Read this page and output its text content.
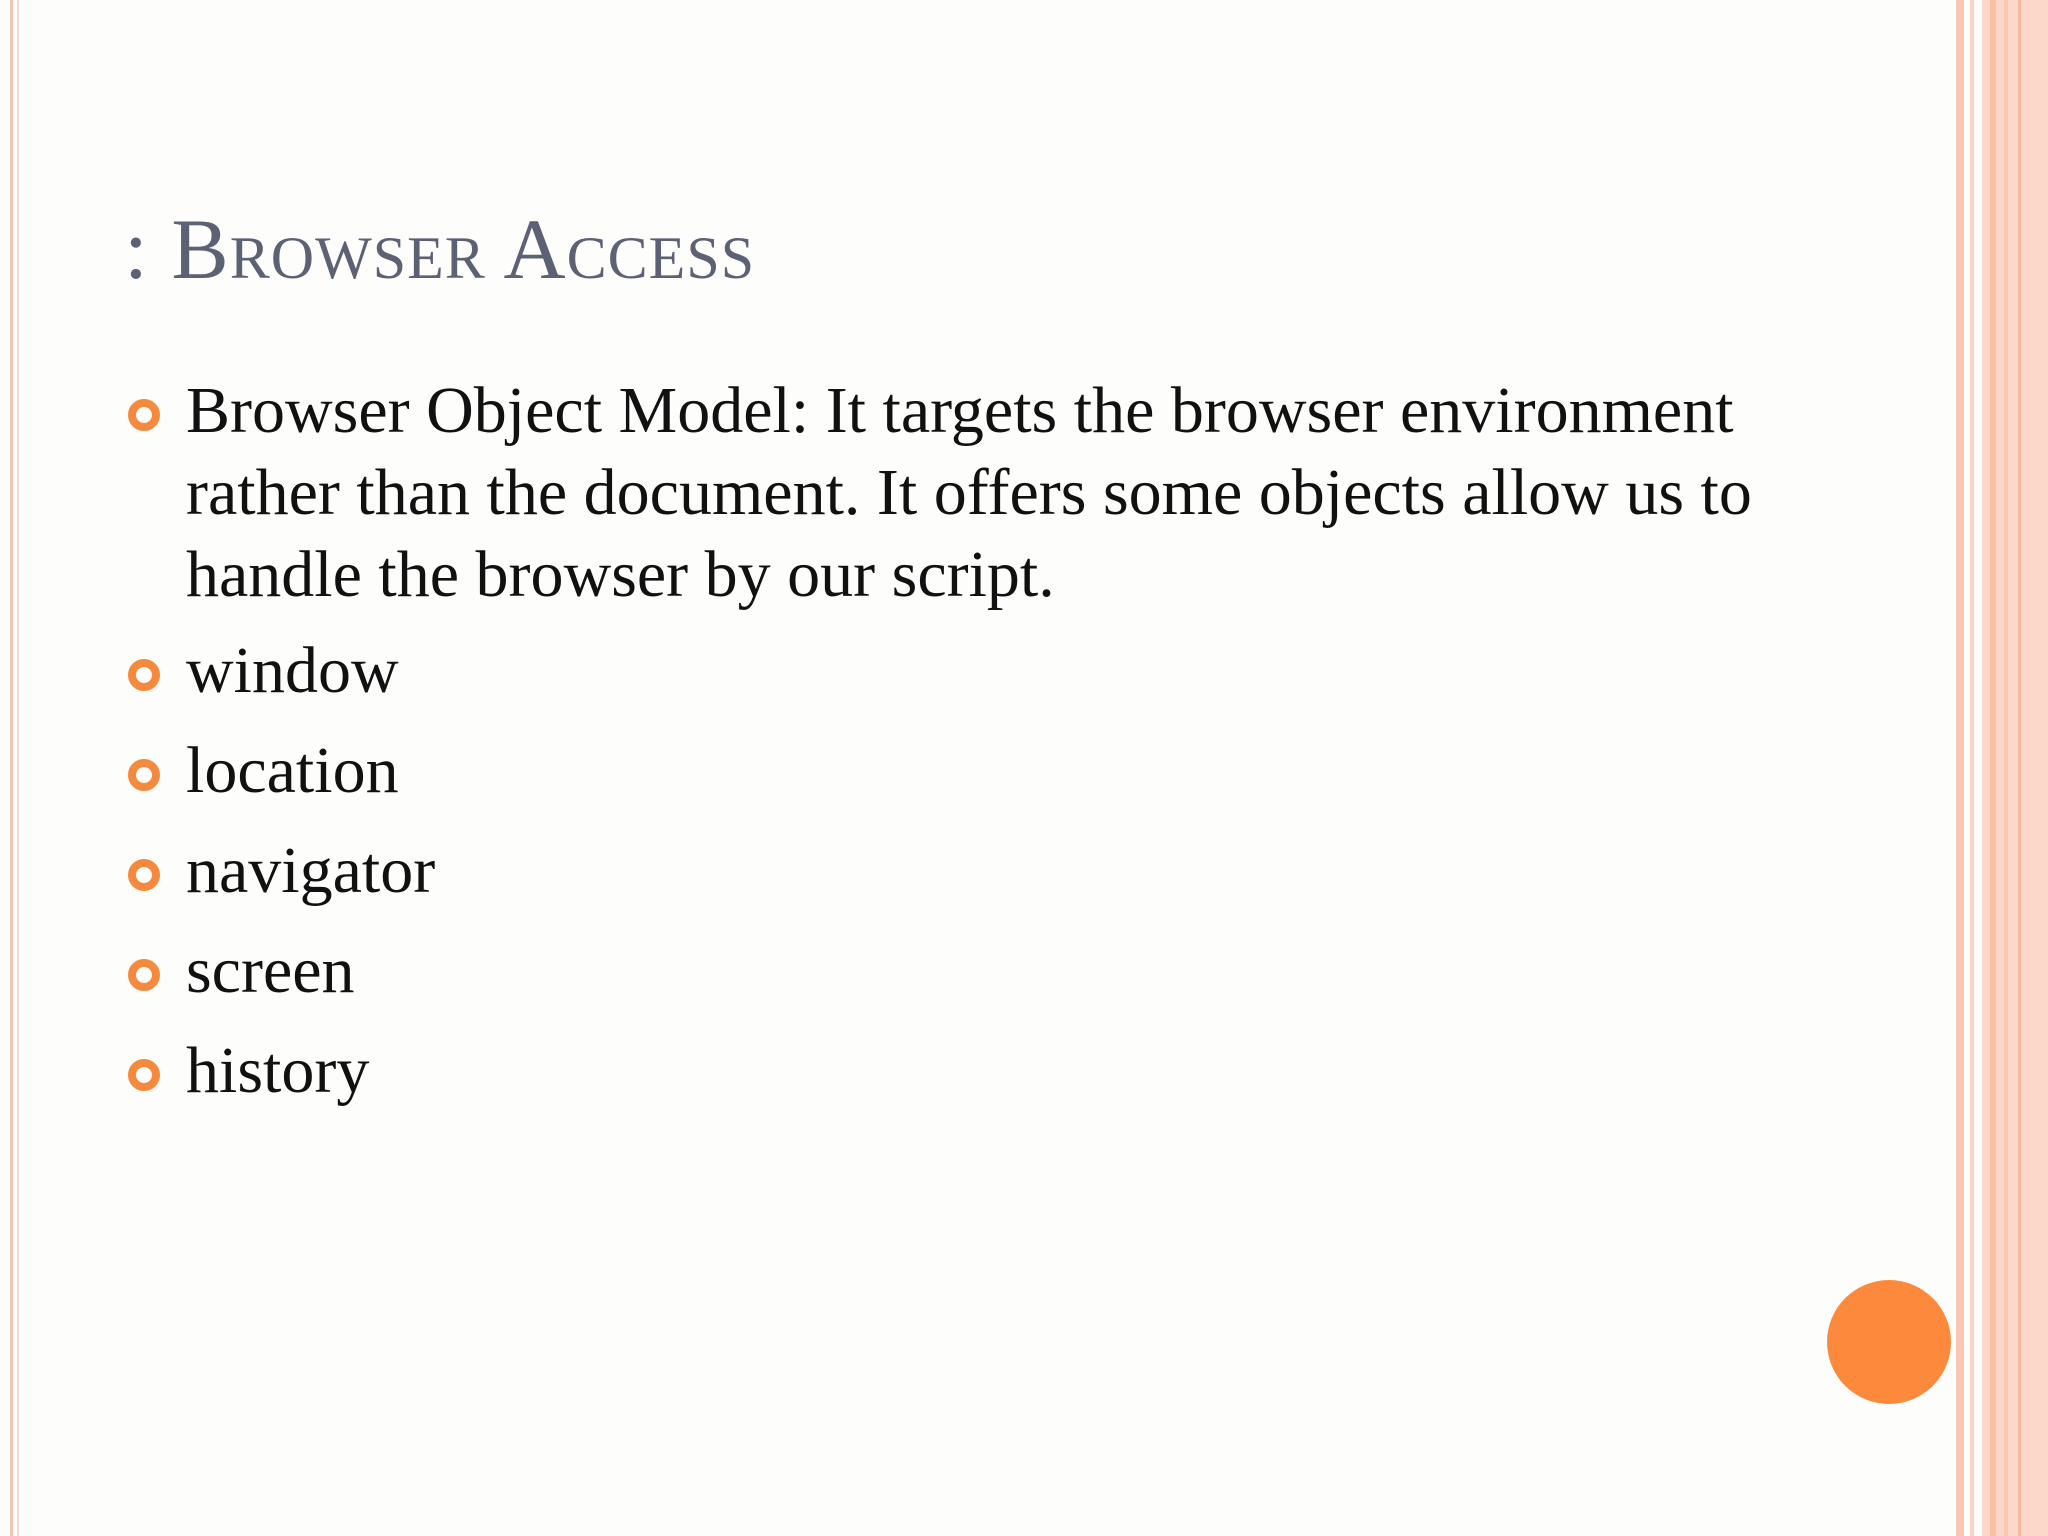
: Browser Access
Browser Object Model: It targets the browser environment rather than the document. It offers some objects allow us to handle the browser by our script.
window
location
navigator
screen
history
